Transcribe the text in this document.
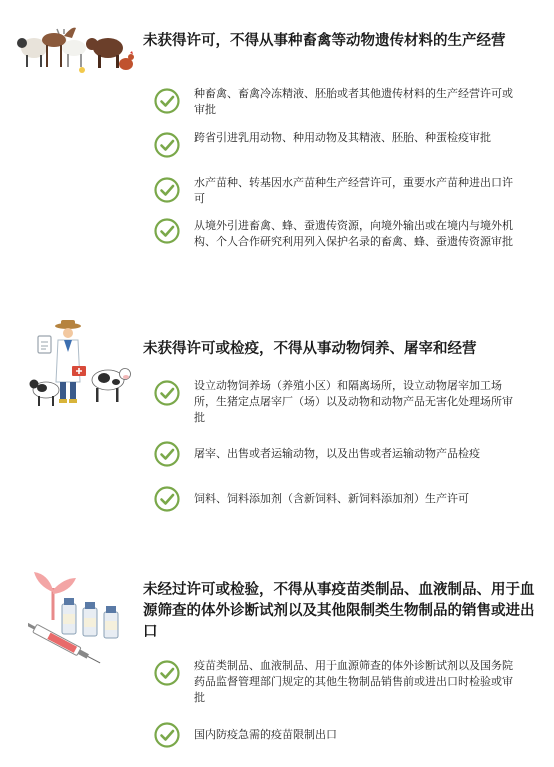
未获得许可，不得从事种畜禽等动物遗传材料的生产经营
种畜禽、畜禽冷冻精液、胚胎或者其他遗传材料的生产经营许可或审批
跨省引进乳用动物、种用动物及其精液、胚胎、种蛋检疫审批
水产苗种、转基因水产苗种生产经营许可，重要水产苗种进出口许可
从境外引进畜禽、蜂、蚕遗传资源，向境外输出或在境内与境外机构、个人合作研究利用列入保护名录的畜禽、蜂、蚕遗传资源审批
未获得许可或检疫，不得从事动物饲养、屠宰和经营
设立动物饲养场（养殖小区）和隔离场所，设立动物屠宰加工场所，生猪定点屠宰厂（场）以及动物和动物产品无害化处理场所审批
屠宰、出售或者运输动物，以及出售或者运输动物产品检疫
饲料、饲料添加剂（含新饲料、新饲料添加剂）生产许可
未经过许可或检验，不得从事疫苗类制品、血液制品、用于血源筛查的体外诊断试剂以及其他限制类生物制品的销售或进出口
疫苗类制品、血液制品、用于血源筛查的体外诊断试剂以及国务院药品监督管理部门规定的其他生物制品销售前或进出口时检验或审批
国内防疫急需的疫苗限制出口
